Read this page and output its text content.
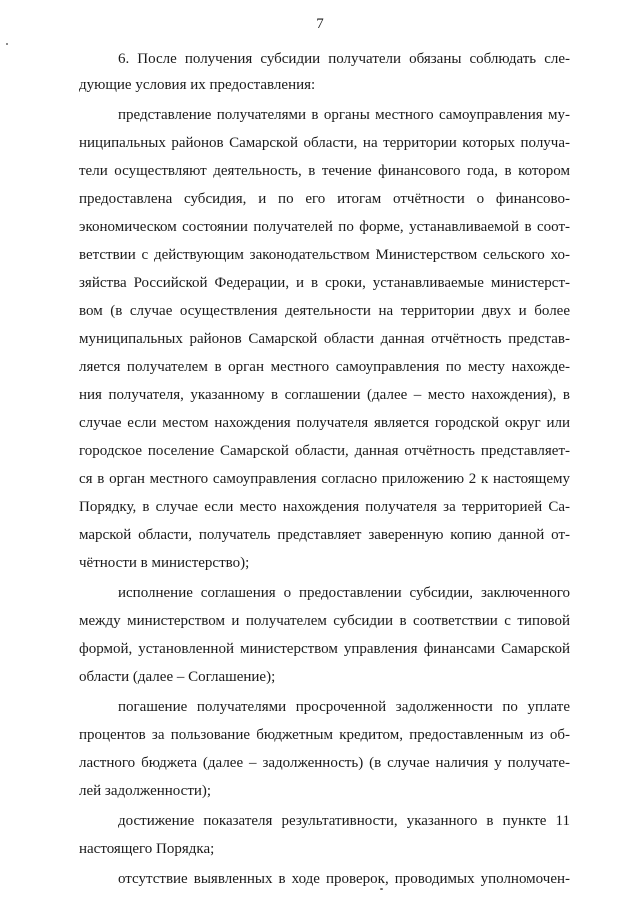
7
6. После получения субсидии получатели обязаны соблюдать сле-
дующие условия их предоставления:
представление получателями в органы местного самоуправления му-
ниципальных районов Самарской области, на территории которых получа-
тели осуществляют деятельность, в течение финансового года, в котором
предоставлена субсидия, и по его итогам отчётности о финансово-
экономическом состоянии получателей по форме, устанавливаемой в соот-
ветствии с действующим законодательством Министерством сельского хо-
зяйства Российской Федерации, и в сроки, устанавливаемые министерст-
вом (в случае осуществления деятельности на территории двух и более
муниципальных районов Самарской области данная отчётность представ-
ляется получателем в орган местного самоуправления по месту нахожде-
ния получателя, указанному в соглашении (далее – место нахождения), в
случае если местом нахождения получателя является городской округ или
городское поселение Самарской области, данная отчётность представляет-
ся в орган местного самоуправления согласно приложению 2 к настоящему
Порядку, в случае если место нахождения получателя за территорией Са-
марской области, получатель представляет заверенную копию данной от-
чётности в министерство);
исполнение соглашения о предоставлении субсидии, заключенного
между министерством и получателем субсидии в соответствии с типовой
формой, установленной министерством управления финансами Самарской
области (далее – Соглашение);
погашение получателями просроченной задолженности по уплате
процентов за пользование бюджетным кредитом, предоставленным из об-
ластного бюджета (далее – задолженность) (в случае наличия у получате-
лей задолженности);
достижение показателя результативности, указанного в пункте 11
настоящего Порядка;
отсутствие выявленных в ходе проверок, проводимых уполномочен-
